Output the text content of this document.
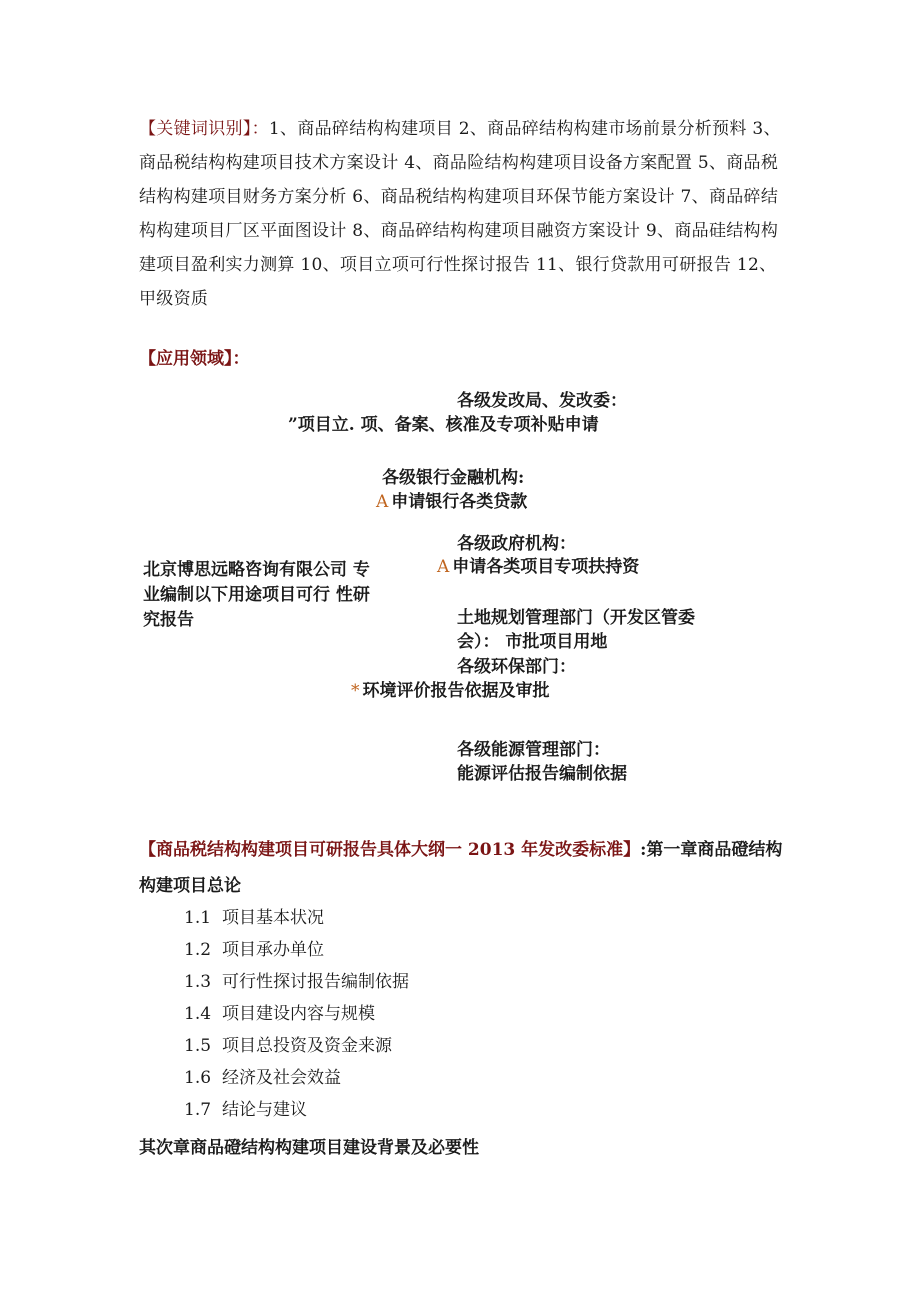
【关键词识别】：1、商品碎结构构建项目 2、商品碎结构构建市场前景分析预料 3、商品税结构构建项目技术方案设计 4、商品险结构构建项目设备方案配置 5、商品税结构构建项目财务方案分析 6、商品税结构构建项目环保节能方案设计 7、商品碎结构构建项目厂区平面图设计 8、商品碎结构构建项目融资方案设计 9、商品硅结构构建项目盈利实力测算 10、项目立项可行性探讨报告 11、银行贷款用可研报告 12、甲级资质
【应用领域】：
各级发改局、发改委：
”项目立. 项、备案、核准及专项补贴申请
各级银行金融机构:
A 申请银行各类贷款
各级政府机构：
A 申请各类项目专项扶持资
北京博思远略咨询有限公司 专业编制以下用途项目可行 性研究报告	土地规划管理部门（开发区管委
会）： 市批项目用地
各级环保部门：
* 环境评价报告依据及审批
各级能源管理部门：
能源评估报告编制依据
【商品税结构构建项目可研报告具体大纲一 2013 年发改委标准】:第一章商品磴结构构建项目总论
1.1 项目基本状况
1.2 项目承办单位
1.3 可行性探讨报告编制依据
1.4 项目建设内容与规模
1.5 项目总投资及资金来源
1.6 经济及社会效益
1.7 结论与建议
其次章商品磴结构构建项目建设背景及必要性
